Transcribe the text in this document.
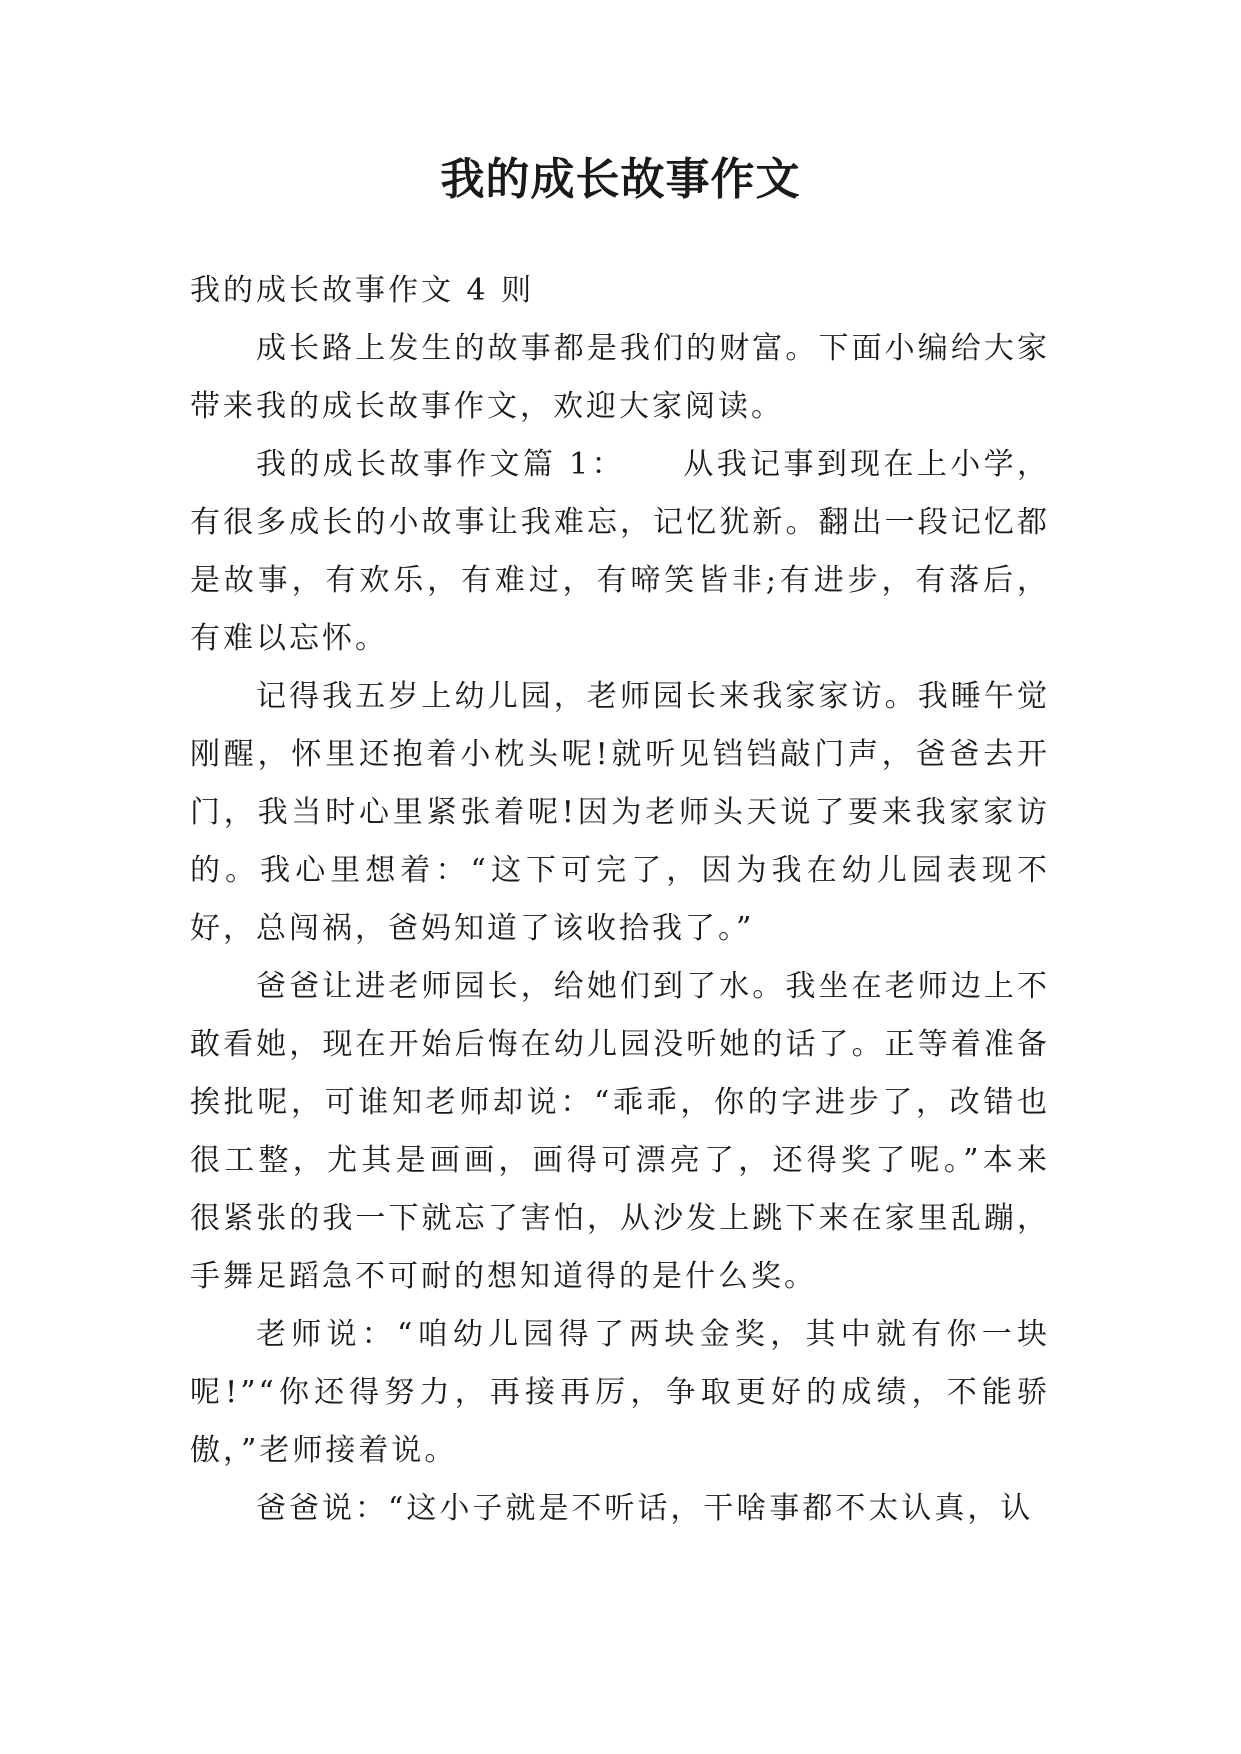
我的成长故事作文

我的成长故事作文 4 则

成长路上发生的故事都是我们的财富。下面小编给大家带来我的成长故事作文，欢迎大家阅读。

我的成长故事作文篇 1： 从我记事到现在上小学，有很多成长的小故事让我难忘，记忆犹新。翻出一段记忆都是故事，有欢乐，有难过，有啼笑皆非;有进步，有落后，有难以忘怀。

记得我五岁上幼儿园，老师园长来我家家访。我睡午觉刚醒，怀里还抱着小枕头呢!就听见铛铛敲门声，爸爸去开门，我当时心里紧张着呢!因为老师头天说了要来我家家访的。我心里想着：“这下可完了，因为我在幼儿园表现不好，总闯祸，爸妈知道了该收拾我了。”

爸爸让进老师园长，给她们到了水。我坐在老师边上不敢看她，现在开始后悔在幼儿园没听她的话了。正等着准备挨批呢，可谁知老师却说：“乖乖，你的字进步了，改错也很工整，尤其是画画，画得可漂亮了，还得奖了呢。”本来很紧张的我一下就忘了害怕，从沙发上跳下来在家里乱蹦，手舞足蹈急不可耐的想知道得的是什么奖。

老师说：“咱幼儿园得了两块金奖，其中就有你一块呢!”“你还得努力，再接再厉，争取更好的成绩，不能骄傲，”老师接着说。

爸爸说：“这小子就是不听话，干啥事都不太认真，认
